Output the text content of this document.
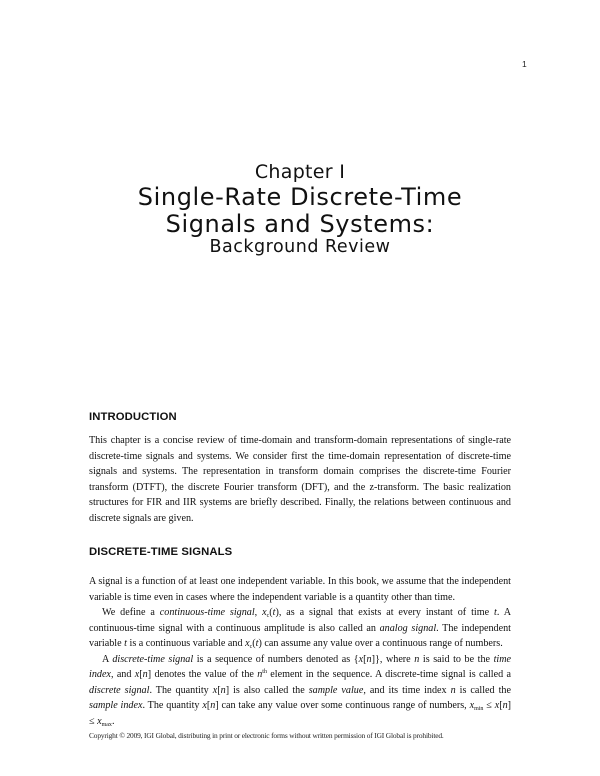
1
Chapter I
Single-Rate Discrete-Time
Signals and Systems:
Background Review
INTRODUCTION

This chapter is a concise review of time-domain and transform-domain representations of single-rate discrete-time signals and systems. We consider first the time-domain representation of discrete-time signals and systems. The representation in transform domain comprises the discrete-time Fourier transform (DTFT), the discrete Fourier transform (DFT), and the z-transform. The basic realization structures for FIR and IIR systems are briefly described. Finally, the relations between continuous and discrete signals are given.

DISCRETE-TIME SIGNALS

A signal is a function of at least one independent variable. In this book, we assume that the independent variable is time even in cases where the independent variable is a quantity other than time.

We define a continuous-time signal, $x_c(t)$, as a signal that exists at every instant of time t. A continuous-time signal with a continuous amplitude is also called an analog signal. The independent variable t is a continuous variable and $x_c(t)$ can assume any value over a continuous range of numbers.

A discrete-time signal is a sequence of numbers denoted as {x[n]}, where n is said to be the time index, and x[n] denotes the value of the $n^{th}$ element in the sequence. A discrete-time signal is called a discrete signal. The quantity x[n] is also called the sample value, and its time index n is called the sample index. The quantity x[n] can take any value over some continuous range of numbers, $x_{min} \le x[n] \le x_{max}$.

Copyright © 2009, IGI Global, distributing in print or electronic forms without written permission of IGI Global is prohibited.
